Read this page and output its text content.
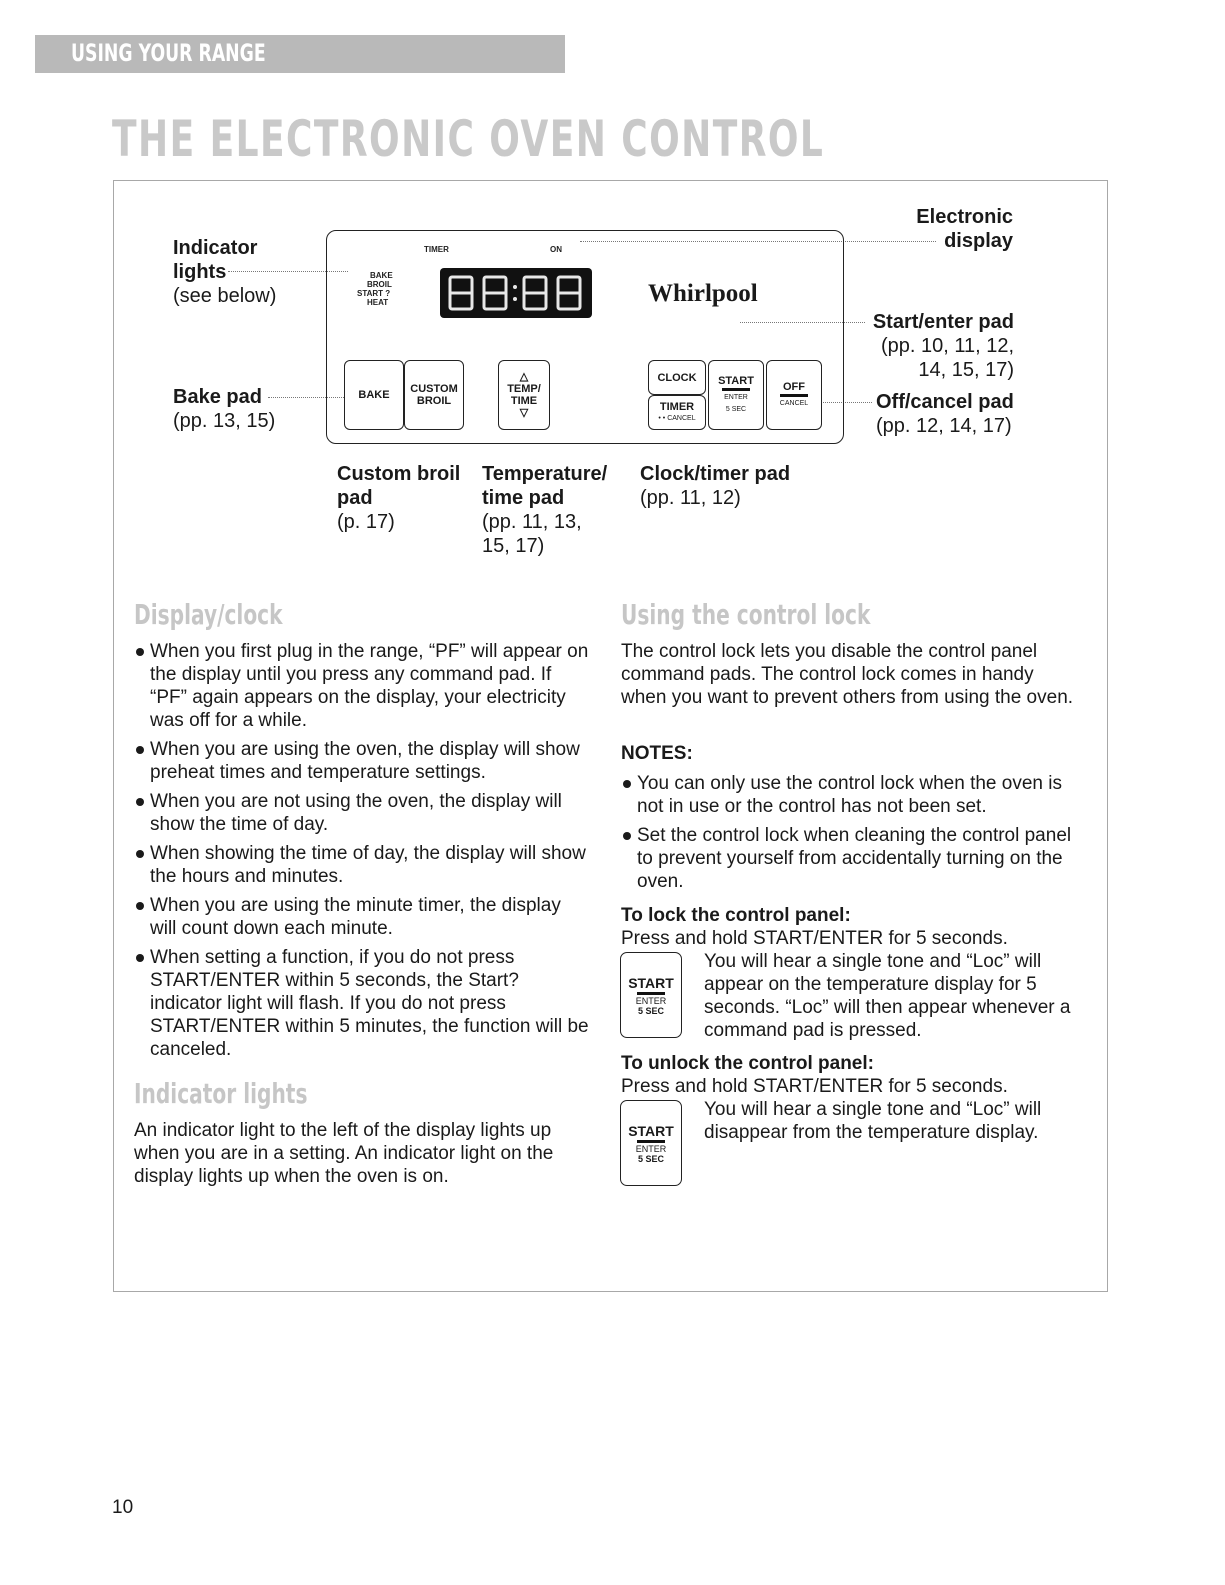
USING YOUR RANGE
THE ELECTRONIC OVEN CONTROL
Indicator
lights
(see below)
Bake pad
(pp. 13, 15)
Electronic
display
Start/enter pad
(pp. 10, 11, 12,
14, 15, 17)
Off/cancel pad
(pp. 12, 14, 17)
Custom broil
pad
(p. 17)
Temperature/
time pad
(pp. 11, 13,
15, 17)
Clock/timer pad
(pp. 11, 12)
TIMER	ON
BAKE
BROIL
START ?
HEAT	Whirlpool
BAKE CUSTOM
BROIL
△
TEMP/
TIME
▽
CLOCK
TIMER
• • CANCEL
START
ENTER
5 SEC
OFF
CANCEL
Display/clock
When you first plug in the range, “PF” will appear on the display until you press any command pad. If “PF” again appears on the display, your electricity was off for a while.
When you are using the oven, the display will show preheat times and temperature settings.
When you are not using the oven, the display will show the time of day.
When showing the time of day, the display will show the hours and minutes.
When you are using the minute timer, the display will count down each minute.
When setting a function, if you do not press START/ENTER within 5 seconds, the Start? indicator light will flash. If you do not press START/ENTER within 5 minutes, the function will be canceled.
Indicator lights
An indicator light to the left of the display lights up when you are in a setting. An indicator light on the display lights up when the oven is on.
Using the control lock
The control lock lets you disable the control panel command pads. The control lock comes in handy when you want to prevent others from using the oven.
NOTES:
You can only use the control lock when the oven is not in use or the control has not been set.
Set the control lock when cleaning the control panel to prevent yourself from accidentally turning on the oven.
To lock the control panel:
Press and hold START/ENTER for 5 seconds.
START
ENTER
5 SEC
You will hear a single tone and “Loc” will appear on the temperature display for 5 seconds. “Loc” will then appear whenever a command pad is pressed.
To unlock the control panel:
Press and hold START/ENTER for 5 seconds.
START
ENTER
5 SEC
You will hear a single tone and “Loc” will disappear from the temperature display.
10
